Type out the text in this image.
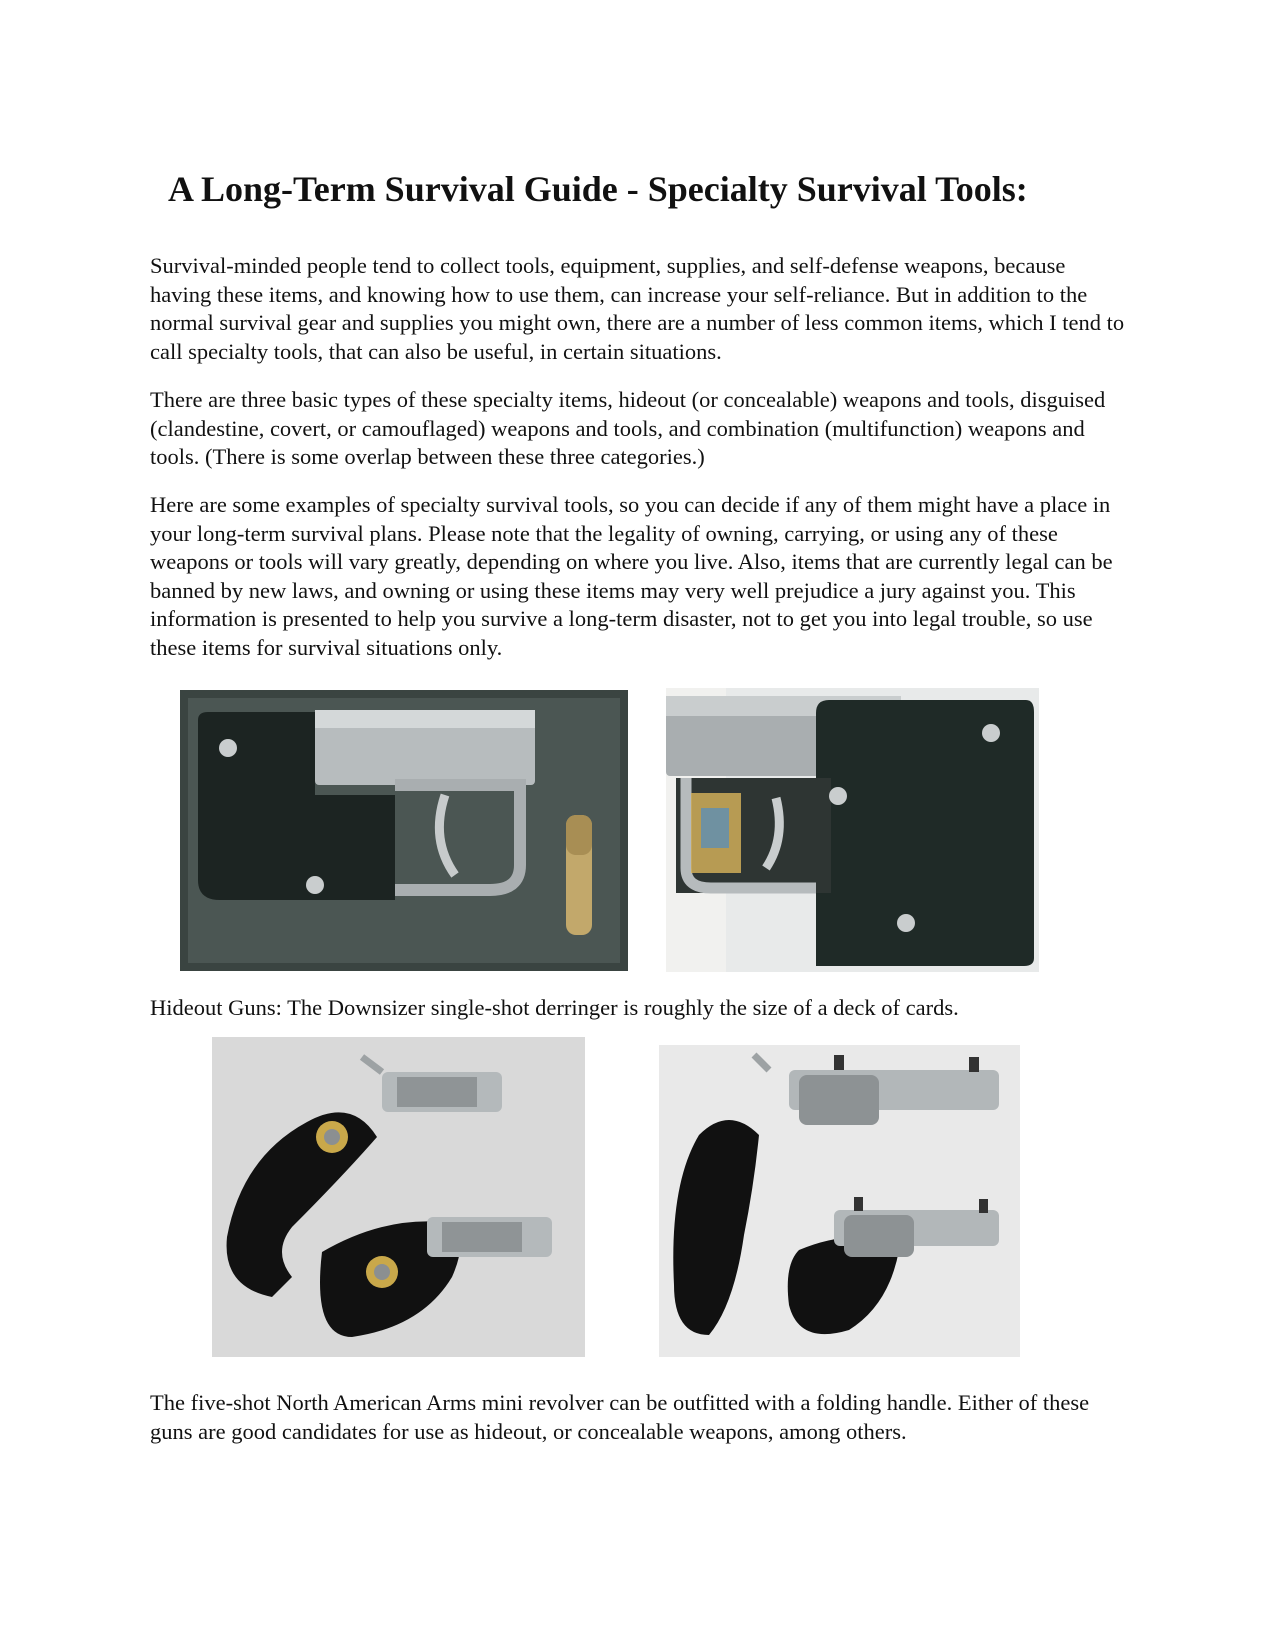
A Long-Term Survival Guide - Specialty Survival Tools:

Survival-minded people tend to collect tools, equipment, supplies, and self-defense weapons, because having these items, and knowing how to use them, can increase your self-reliance. But in addition to the normal survival gear and supplies you might own, there are a number of less common items, which I tend to call specialty tools, that can also be useful, in certain situations.

There are three basic types of these specialty items, hideout (or concealable) weapons and tools, disguised (clandestine, covert, or camouflaged) weapons and tools, and combination (multifunction) weapons and tools. (There is some overlap between these three categories.)

Here are some examples of specialty survival tools, so you can decide if any of them might have a place in your long-term survival plans. Please note that the legality of owning, carrying, or using any of these weapons or tools will vary greatly, depending on where you live. Also, items that are currently legal can be banned by new laws, and owning or using these items may very well prejudice a jury against you. This information is presented to help you survive a long-term disaster, not to get you into legal trouble, so use these items for survival situations only.

Hideout Guns: The Downsizer single-shot derringer is roughly the size of a deck of cards.

The five-shot North American Arms mini revolver can be outfitted with a folding handle. Either of these guns are good candidates for use as hideout, or concealable weapons, among others.
